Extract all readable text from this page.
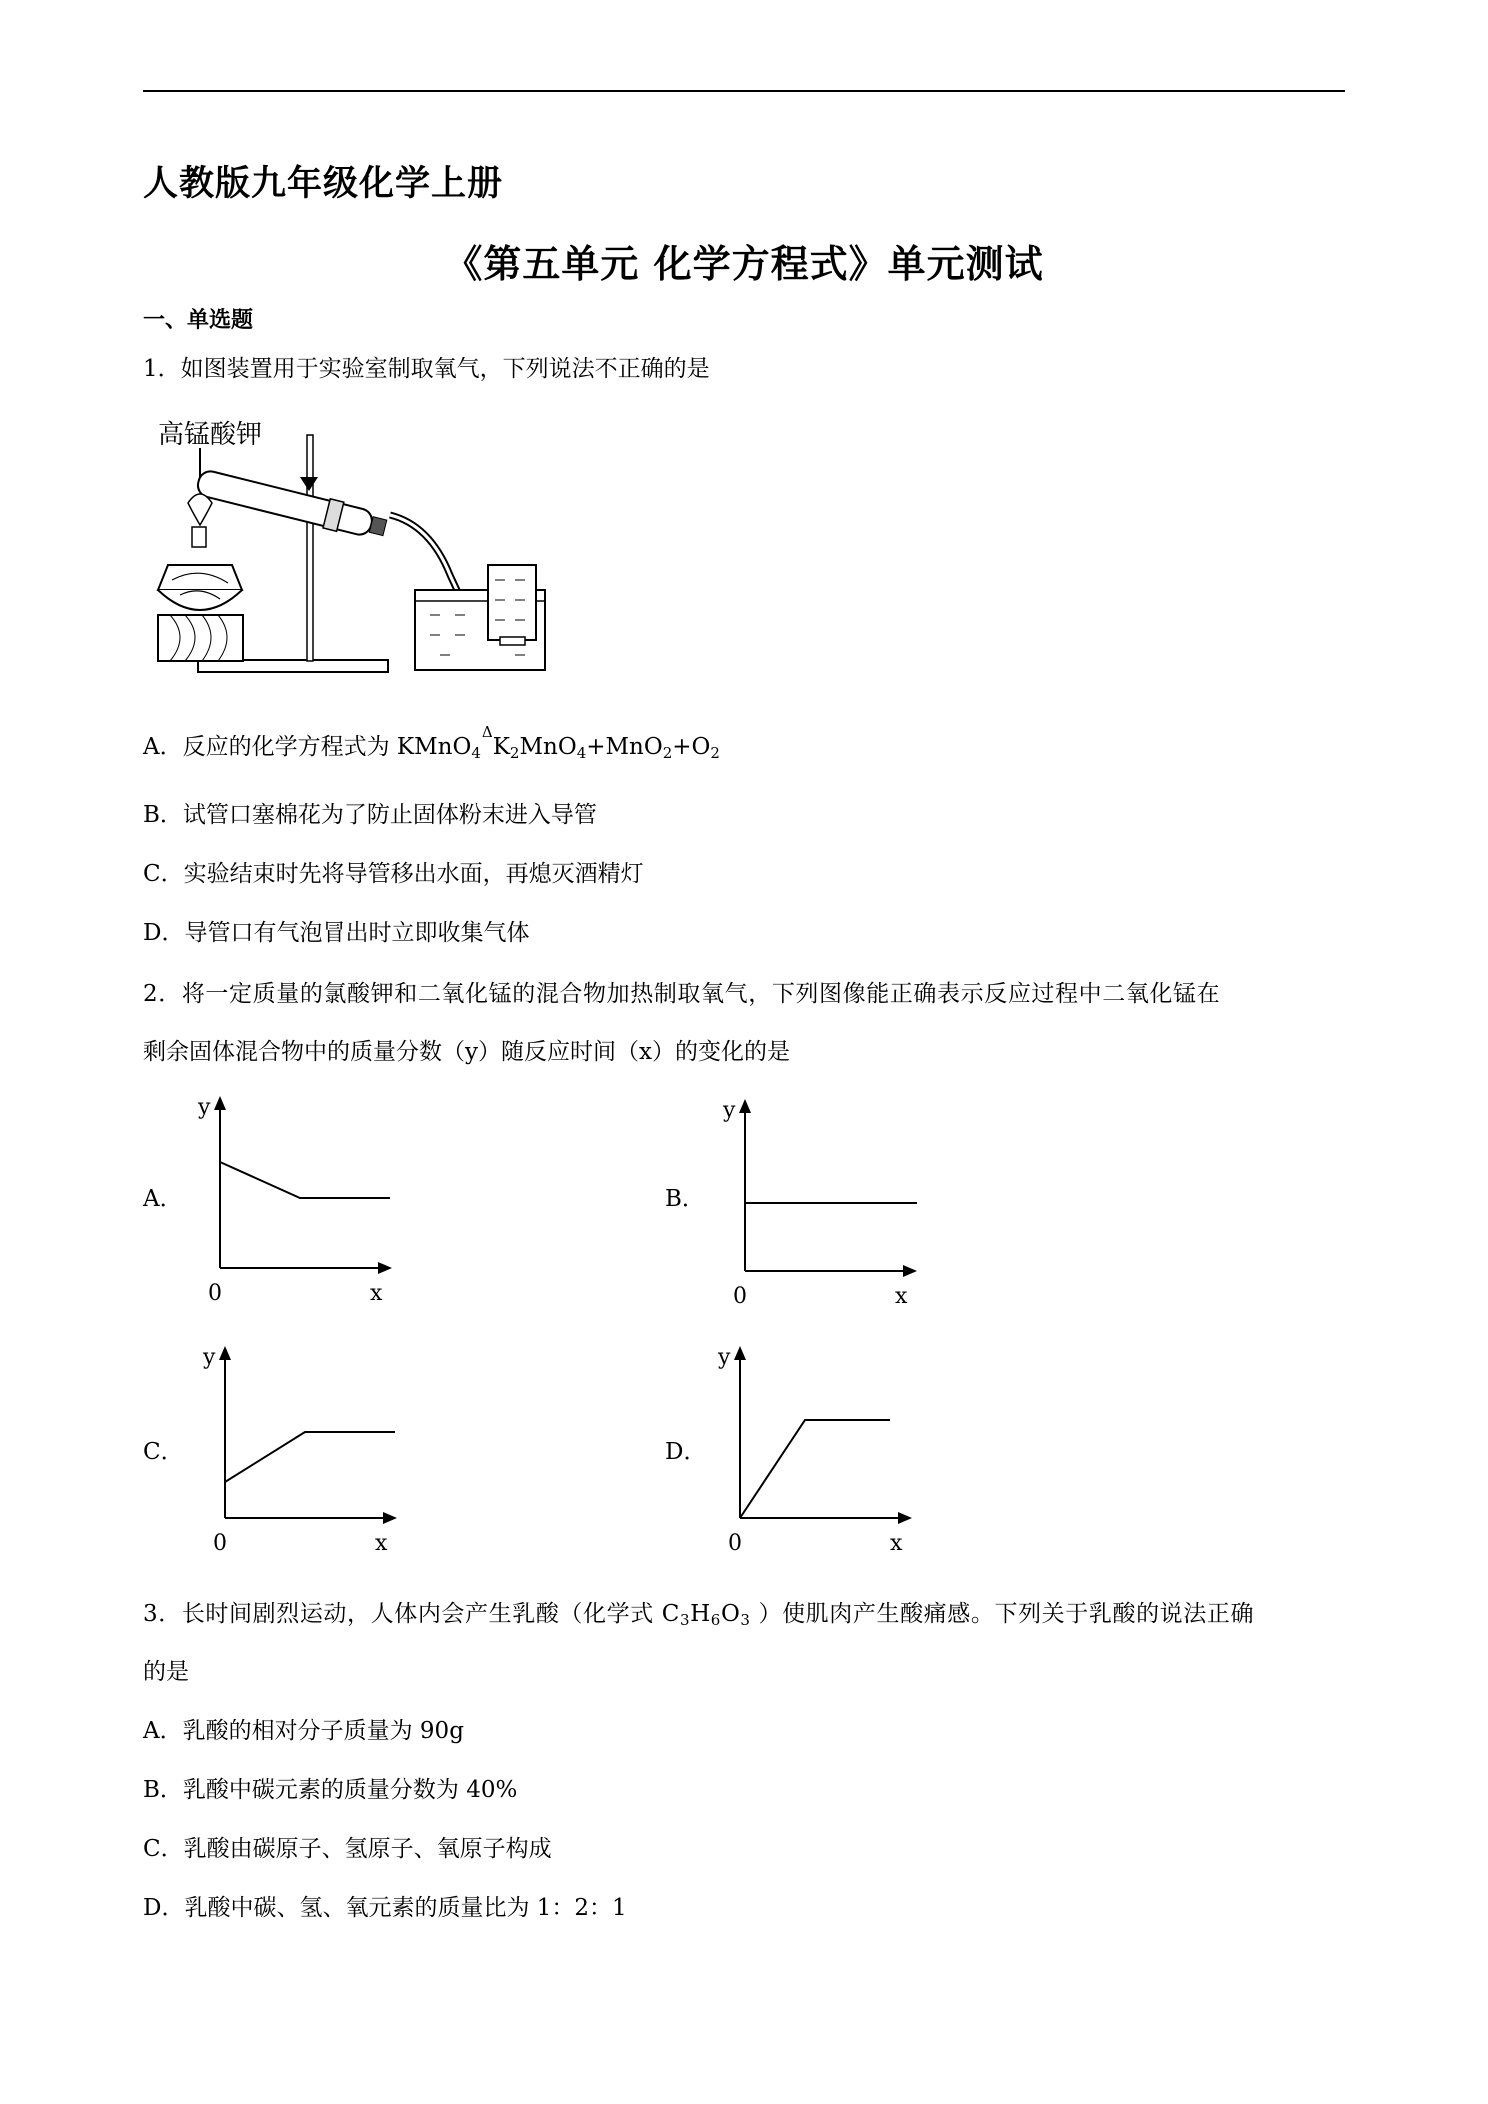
人教版九年级化学上册
《第五单元 化学方程式》单元测试
一、单选题
1．如图装置用于实验室制取氧气，下列说法不正确的是
高锰酸钾
A．反应的化学方程式为 $KMnO_4^\Delta K_2MnO_4+MnO_2+O_2$
B．试管口塞棉花为了防止固体粉末进入导管
C．实验结束时先将导管移出水面，再熄灭酒精灯
D．导管口有气泡冒出时立即收集气体
2．将一定质量的氯酸钾和二氧化锰的混合物加热制取氧气，下列图像能正确表示反应过程中二氧化锰在
剩余固体混合物中的质量分数（y）随反应时间（x）的变化的是
A．	B．
C．	D．
y
0	x
y
0	x
y
0	x
y
0	x
3．长时间剧烈运动，人体内会产生乳酸（化学式 $C_3H_6O_3$ ）使肌肉产生酸痛感。下列关于乳酸的说法正确
的是
A．乳酸的相对分子质量为 90g
B．乳酸中碳元素的质量分数为 40%
C．乳酸由碳原子、氢原子、氧原子构成
D．乳酸中碳、氢、氧元素的质量比为 1：2：1
